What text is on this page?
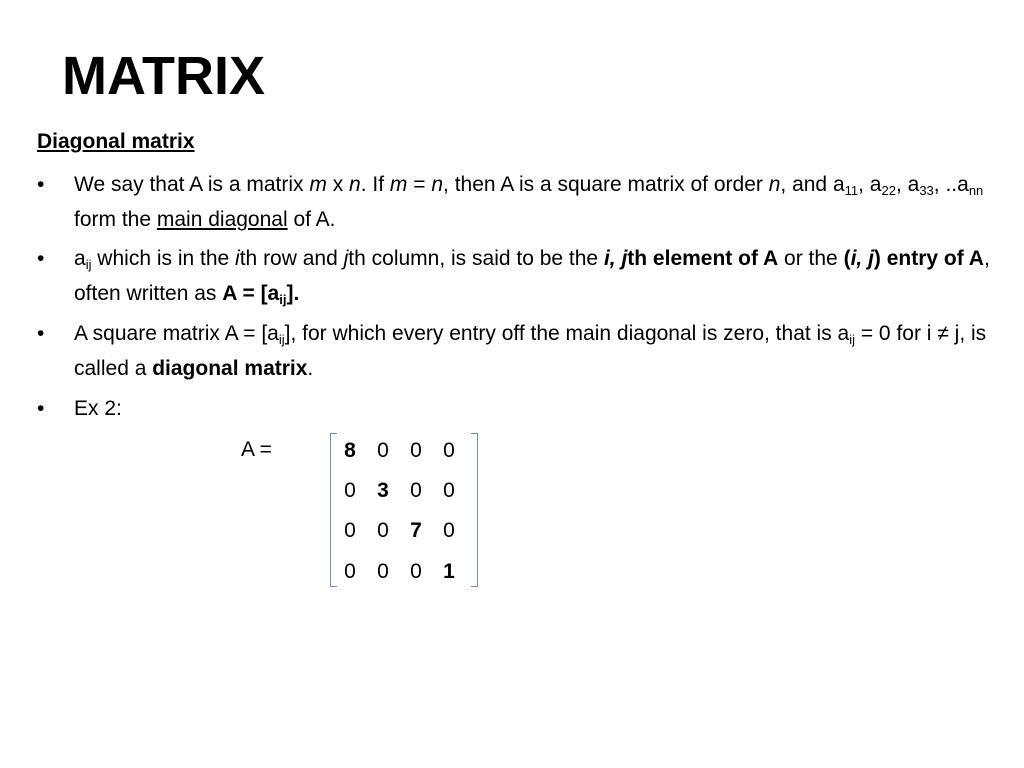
MATRIX
Diagonal matrix
•	We say that A is a matrix m x n. If m = n, then A is a square matrix of order n, and $a_{11}$, $a_{22}$, $a_{33}$, $..a_{nn}$ form the main diagonal of A.
•	$a_{ij}$ which is in the ith row and jth column, is said to be the i, jth element of A or the (i, j) entry of A, often written as $A = [a_{ij}]$.
•	A square matrix $A = [a_{ij}]$, for which every entry off the main diagonal is zero, that is $a_{ij} = 0$ for i ≠ j, is called a diagonal matrix.
•	Ex 2:
A =	8 0 0 0
0 3 0 0
0 0 7 0
0 0 0 1
